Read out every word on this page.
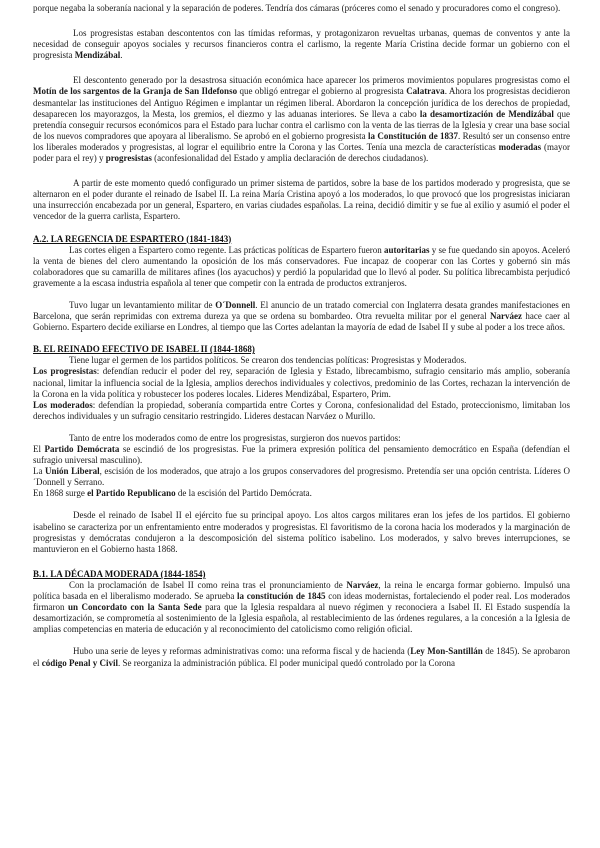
porque negaba la soberanía nacional y la separación de poderes. Tendría dos cámaras (próceres como el senado y procuradores como el congreso).

Los progresistas estaban descontentos con las tímidas reformas, y protagonizaron revueltas urbanas, quemas de conventos y ante la necesidad de conseguir apoyos sociales y recursos financieros contra el carlismo, la regente María Cristina decide formar un gobierno con el progresista Mendizábal.

El descontento generado por la desastrosa situación económica hace aparecer los primeros movimientos populares progresistas como el Motín de los sargentos de la Granja de San Ildefonso que obligó entregar el gobierno al progresista Calatrava. Ahora los progresistas decidieron desmantelar las instituciones del Antiguo Régimen e implantar un régimen liberal. Abordaron la concepción jurídica de los derechos de propiedad, desaparecen los mayorazgos, la Mesta, los gremios, el diezmo y las aduanas interiores. Se lleva a cabo la desamortización de Mendizábal que pretendía conseguir recursos económicos para el Estado para luchar contra el carlismo con la venta de las tierras de la Iglesia y crear una base social de los nuevos compradores que apoyara al liberalismo. Se aprobó en el gobierno progresista la Constitución de 1837. Resultó ser un consenso entre los liberales moderados y progresistas, al lograr el equilibrio entre la Corona y las Cortes. Tenía una mezcla de características moderadas (mayor poder para el rey) y progresistas (aconfesionalidad del Estado y amplia declaración de derechos ciudadanos).

A partir de este momento quedó configurado un primer sistema de partidos, sobre la base de los partidos moderado y progresista, que se alternaron en el poder durante el reinado de Isabel II. La reina María Cristina apoyó a los moderados, lo que provocó que los progresistas iniciaran una insurrección encabezada por un general, Espartero, en varias ciudades españolas. La reina, decidió dimitir y se fue al exilio y asumió el poder el vencedor de la guerra carlista, Espartero.

A.2. LA REGENCIA DE ESPARTERO (1841-1843)

Las cortes eligen a Espartero como regente. Las prácticas políticas de Espartero fueron autoritarias y se fue quedando sin apoyos. Aceleró la venta de bienes del clero aumentando la oposición de los más conservadores. Fue incapaz de cooperar con las Cortes y gobernó sin más colaboradores que su camarilla de militares afines (los ayacuchos) y perdió la popularidad que lo llevó al poder. Su política librecambista perjudicó gravemente a la escasa industria española al tener que competir con la entrada de productos extranjeros.

Tuvo lugar un levantamiento militar de O´Donnell. El anuncio de un tratado comercial con Inglaterra desata grandes manifestaciones en Barcelona, que serán reprimidas con extrema dureza ya que se ordena su bombardeo. Otra revuelta militar por el general Narváez hace caer al Gobierno. Espartero decide exiliarse en Londres, al tiempo que las Cortes adelantan la mayoría de edad de Isabel II y sube al poder a los trece años.

B. EL REINADO EFECTIVO DE ISABEL II (1844-1868)

Tiene lugar el germen de los partidos políticos. Se crearon dos tendencias políticas: Progresistas y Moderados.

Los progresistas: defendían reducir el poder del rey, separación de Iglesia y Estado, librecambismo, sufragio censitario más amplio, soberanía nacional, limitar la influencia social de la Iglesia, amplios derechos individuales y colectivos, predominio de las Cortes, rechazan la intervención de la Corona en la vida política y robustecer los poderes locales. Lideres Mendizábal, Espartero, Prim.

Los moderados: defendían la propiedad, soberanía compartida entre Cortes y Corona, confesionalidad del Estado, proteccionismo, limitaban los derechos individuales y un sufragio censitario restringido. Lideres destacan Narváez o Murillo.

Tanto de entre los moderados como de entre los progresistas, surgieron dos nuevos partidos:

El Partido Demócrata se escindió de los progresistas. Fue la primera expresión política del pensamiento democrático en España (defendían el sufragio universal masculino).

La Unión Liberal, escisión de los moderados, que atrajo a los grupos conservadores del progresismo. Pretendía ser una opción centrista. Líderes O´Donnell y Serrano.

En 1868 surge el Partido Republicano de la escisión del Partido Demócrata.

Desde el reinado de Isabel II el ejército fue su principal apoyo. Los altos cargos militares eran los jefes de los partidos. El gobierno isabelino se caracteriza por un enfrentamiento entre moderados y progresistas. El favoritismo de la corona hacia los moderados y la marginación de progresistas y demócratas condujeron a la descomposición del sistema político isabelino. Los moderados, y salvo breves interrupciones, se mantuvieron en el Gobierno hasta 1868.

B.1. LA DÉCADA MODERADA (1844-1854)

Con la proclamación de Isabel II como reina tras el pronunciamiento de Narváez, la reina le encarga formar gobierno. Impulsó una política basada en el liberalismo moderado. Se aprueba la constitución de 1845 con ideas modernistas, fortaleciendo el poder real. Los moderados firmaron un Concordato con la Santa Sede para que la Iglesia respaldara al nuevo régimen y reconociera a Isabel II. El Estado suspendía la desamortización, se comprometía al sostenimiento de la Iglesia española, al restablecimiento de las órdenes regulares, a la concesión a la Iglesia de amplias competencias en materia de educación y al reconocimiento del catolicismo como religión oficial.

Hubo una serie de leyes y reformas administrativas como: una reforma fiscal y de hacienda (Ley Mon-Santillán de 1845). Se aprobaron el código Penal y Civil. Se reorganiza la administración pública. El poder municipal quedó controlado por la Corona
